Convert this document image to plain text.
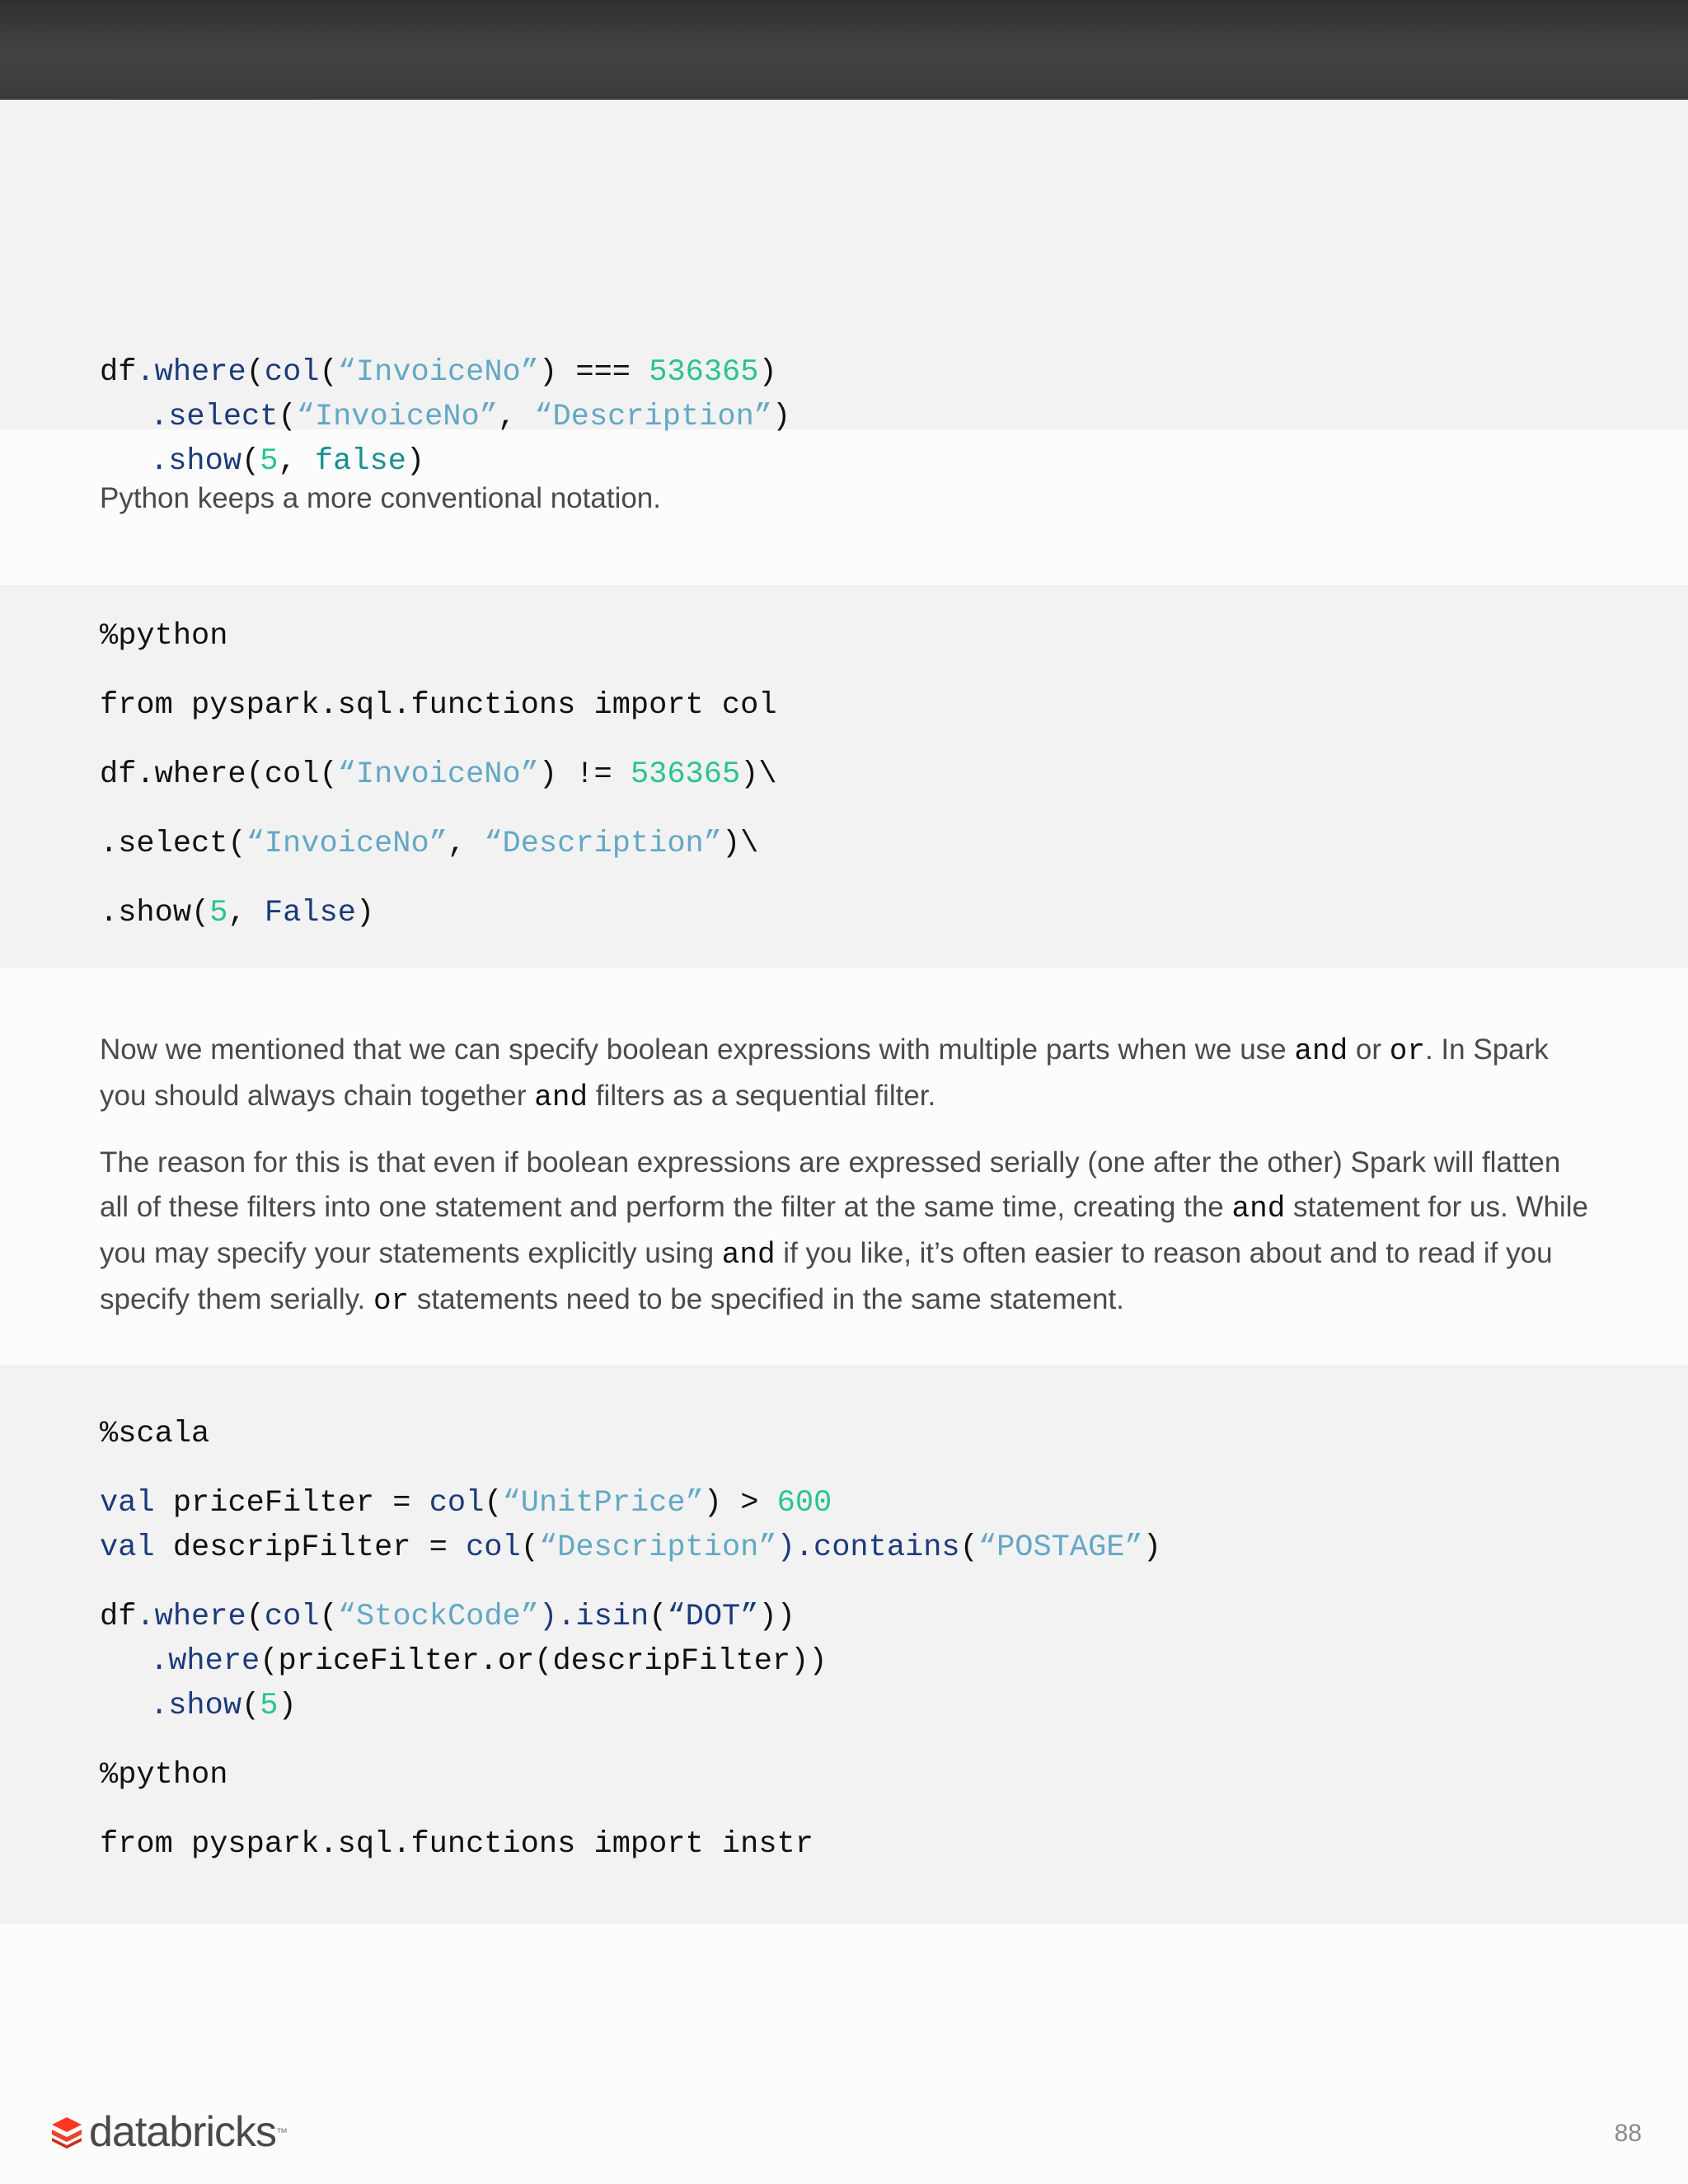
df.where(col(“InvoiceNo”) === 536365)

.select(“InvoiceNo”, “Description”)

.show(5, false)

Python keeps a more conventional notation.

%python

from pyspark.sql.functions import col

df.where(col(“InvoiceNo”) != 536365)\

.select(“InvoiceNo”, “Description”)\

.show(5, False)

Now we mentioned that we can specify boolean expressions with multiple parts when we use and or or. In Spark you should always chain together and filters as a sequential filter.

The reason for this is that even if boolean expressions are expressed serially (one after the other) Spark will flatten all of these filters into one statement and perform the filter at the same time, creating the and statement for us. While you may specify your statements explicitly using and if you like, it’s often easier to reason about and to read if you specify them serially. or statements need to be specified in the same statement.

%scala

val priceFilter = col(“UnitPrice”) > 600

val descripFilter = col(“Description”).contains(“POSTAGE”)

df.where(col(“StockCode”).isin(“DOT”))

.where(priceFilter.or(descripFilter))

.show(5)

%python

from pyspark.sql.functions import instr

databricks ™	88
